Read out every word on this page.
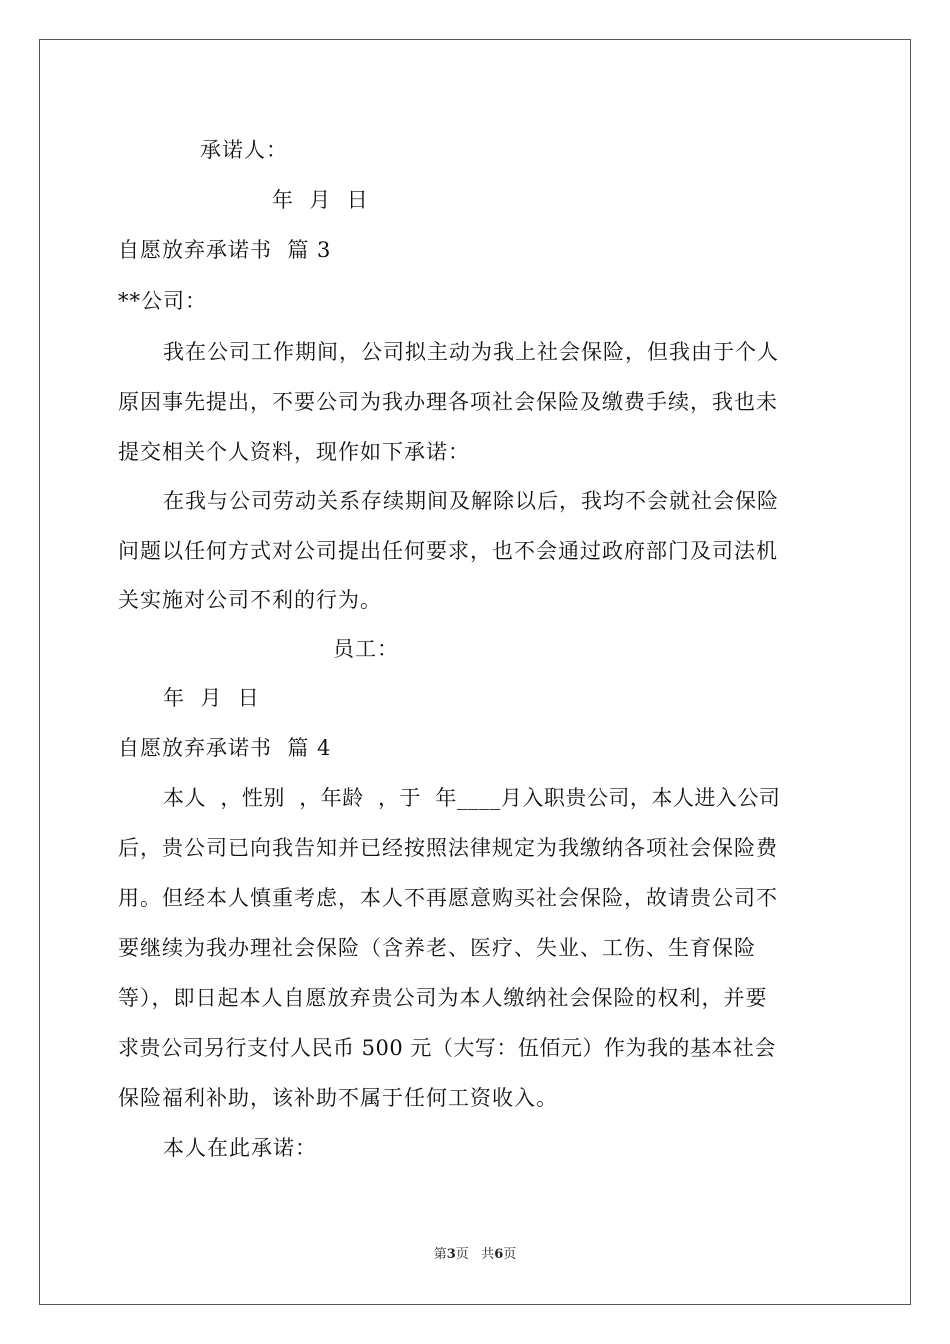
承诺人：
年  月  日
自愿放弃承诺书  篇 3
**公司：
我在公司工作期间，公司拟主动为我上社会保险，但我由于个人
原因事先提出，不要公司为我办理各项社会保险及缴费手续，我也未
提交相关个人资料，现作如下承诺：
在我与公司劳动关系存续期间及解除以后，我均不会就社会保险
问题以任何方式对公司提出任何要求，也不会通过政府部门及司法机
关实施对公司不利的行为。
员工：
年  月  日
自愿放弃承诺书  篇 4
本人  ，性别  ，年龄  ，于  年____月入职贵公司，本人进入公司
后，贵公司已向我告知并已经按照法律规定为我缴纳各项社会保险费
用。但经本人慎重考虑，本人不再愿意购买社会保险，故请贵公司不
要继续为我办理社会保险（含养老、医疗、失业、工伤、生育保险
等），即日起本人自愿放弃贵公司为本人缴纳社会保险的权利，并要
求贵公司另行支付人民币 500 元（大写：伍佰元）作为我的基本社会
保险福利补助，该补助不属于任何工资收入。
本人在此承诺：
第3页   共6页
